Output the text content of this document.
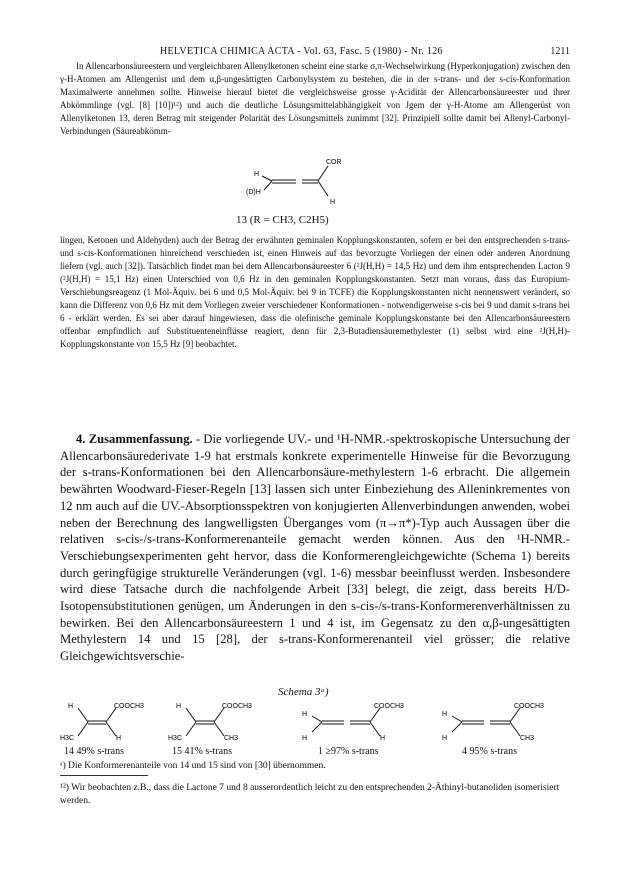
HELVETICA CHIMICA ACTA - Vol. 63, Fasc. 5 (1980) - Nr. 126	1211

In Allencarbonsäureestern und vergleichbaren Allenylketonen scheint eine starke σ,π-Wechselwirkung (Hyperkonjugation) zwischen den γ-H-Atomen am Allengerüst und dem α,β-ungesättigten Carbonylsystem zu bestehen, die in der s-trans- und der s-cis-Konformation Maximalwerte annehmen sollte. Hinweise hierauf bietet die vergleichsweise grosse γ-Acidität der Allencarbonsäureester und ihrer Abkömmlinge (vgl. [8] [10])¹²) und auch die deutliche Lösungsmittelabhängigkeit von Jgem der γ-H-Atome am Allengerüst von Allenylketonen 13, deren Betrag mit steigender Polarität des Lösungsmittels zunimmt [32]. Prinzipiell sollte damit bei Allenyl-Carbonyl-Verbindungen (Säureabkömm-

COR
H
(D)H
H
13 (R = CH3, C2H5)

lingen, Ketonen und Aldehyden) auch der Betrag der erwähnten geminalen Kopplungskonstanten, sofern er bei den entsprechenden s-trans- und s-cis-Konformationen hinreichend verschieden ist, einen Hinweis auf das bevorzugte Vorliegen der einen oder anderen Anordnung liefern (vgl. auch [32]). Tatsächlich findet man bei dem Allencarbonsäureester 6 (²J(H,H) = 14,5 Hz) und dem ihm entsprechenden Lacton 9 (²J(H,H) = 15,1 Hz) einen Unterschied von 0,6 Hz in den geminalen Kopplungskonstanten. Setzt man voraus, dass das Europium-Verschiebungsreagenz (1 Mol-Äquiv. bei 6 und 0,5 Mol-Äquiv. bei 9 in TCFE) die Kopplungskonstanten nicht nennenswert verändert, so kann die Differenz von 0,6 Hz mit dem Vorliegen zweier verschiedener Konformationen - notwendigerweise s-cis bei 9 und damit s-trans bei 6 - erklärt werden. Es sei aber darauf hingewiesen, dass die olefinische geminale Kopplungskonstante bei den Allencarbonsäureestern offenbar empfindlich auf Substituenteneinflüsse reagiert, denn für 2,3-Butadiensäuremethylester (1) selbst wird eine ²J(H,H)-Kopplungskonstante von 15,5 Hz [9] beobachtet.

4. Zusammenfassung. - Die vorliegende UV.- und ¹H-NMR.-spektroskopische Untersuchung der Allencarbonsäurederivate 1-9 hat erstmals konkrete experimentelle Hinweise für die Bevorzugung der s-trans-Konformationen bei den Allencarbonsäure-methylestern 1-6 erbracht. Die allgemein bewährten Woodward-Fieser-Regeln [13] lassen sich unter Einbeziehung des Alleninkrementes von 12 nm auch auf die UV.-Absorptionsspektren von konjugierten Allenverbindungen anwenden, wobei neben der Berechnung des langwelligsten Überganges vom (π→π*)-Typ auch Aussagen über die relativen s-cis-/s-trans-Konformerenanteile gemacht werden können. Aus den ¹H-NMR.-Verschiebungsexperimenten geht hervor, dass die Konformerengleichgewichte (Schema 1) bereits durch geringfügige strukturelle Veränderungen (vgl. 1-6) messbar beeinflusst werden. Insbesondere wird diese Tatsache durch die nachfolgende Arbeit [33] belegt, die zeigt, dass bereits H/D-Isotopensubstitutionen genügen, um Änderungen in den s-cis-/s-trans-Konformerenverhältnissen zu bewirken. Bei den Allencarbonsäureestern 1 und 4 ist, im Gegensatz zu den α,β-ungesättigten Methylestern 14 und 15 [28], der s-trans-Konformerenanteil viel grösser; die relative Gleichgewichtsverschie-

Schema 3ᵃ)
H	COOCH3
H3C	H
H	COOCH3
H3C	CH3
COOCH3
H
H	H
COOCH3
H
H	CH3
14 49% s-trans	15 41% s-trans	1 ≥97% s-trans	4 95% s-trans
ᵃ) Die Konformerenanteile von 14 und 15 sind von [30] übernommen.
¹²) Wir beobachten z.B., dass die Lactone 7 und 8 ausserordentlich leicht zu den entsprechenden 2-Äthinyl-butanoliden isomerisiert werden.
